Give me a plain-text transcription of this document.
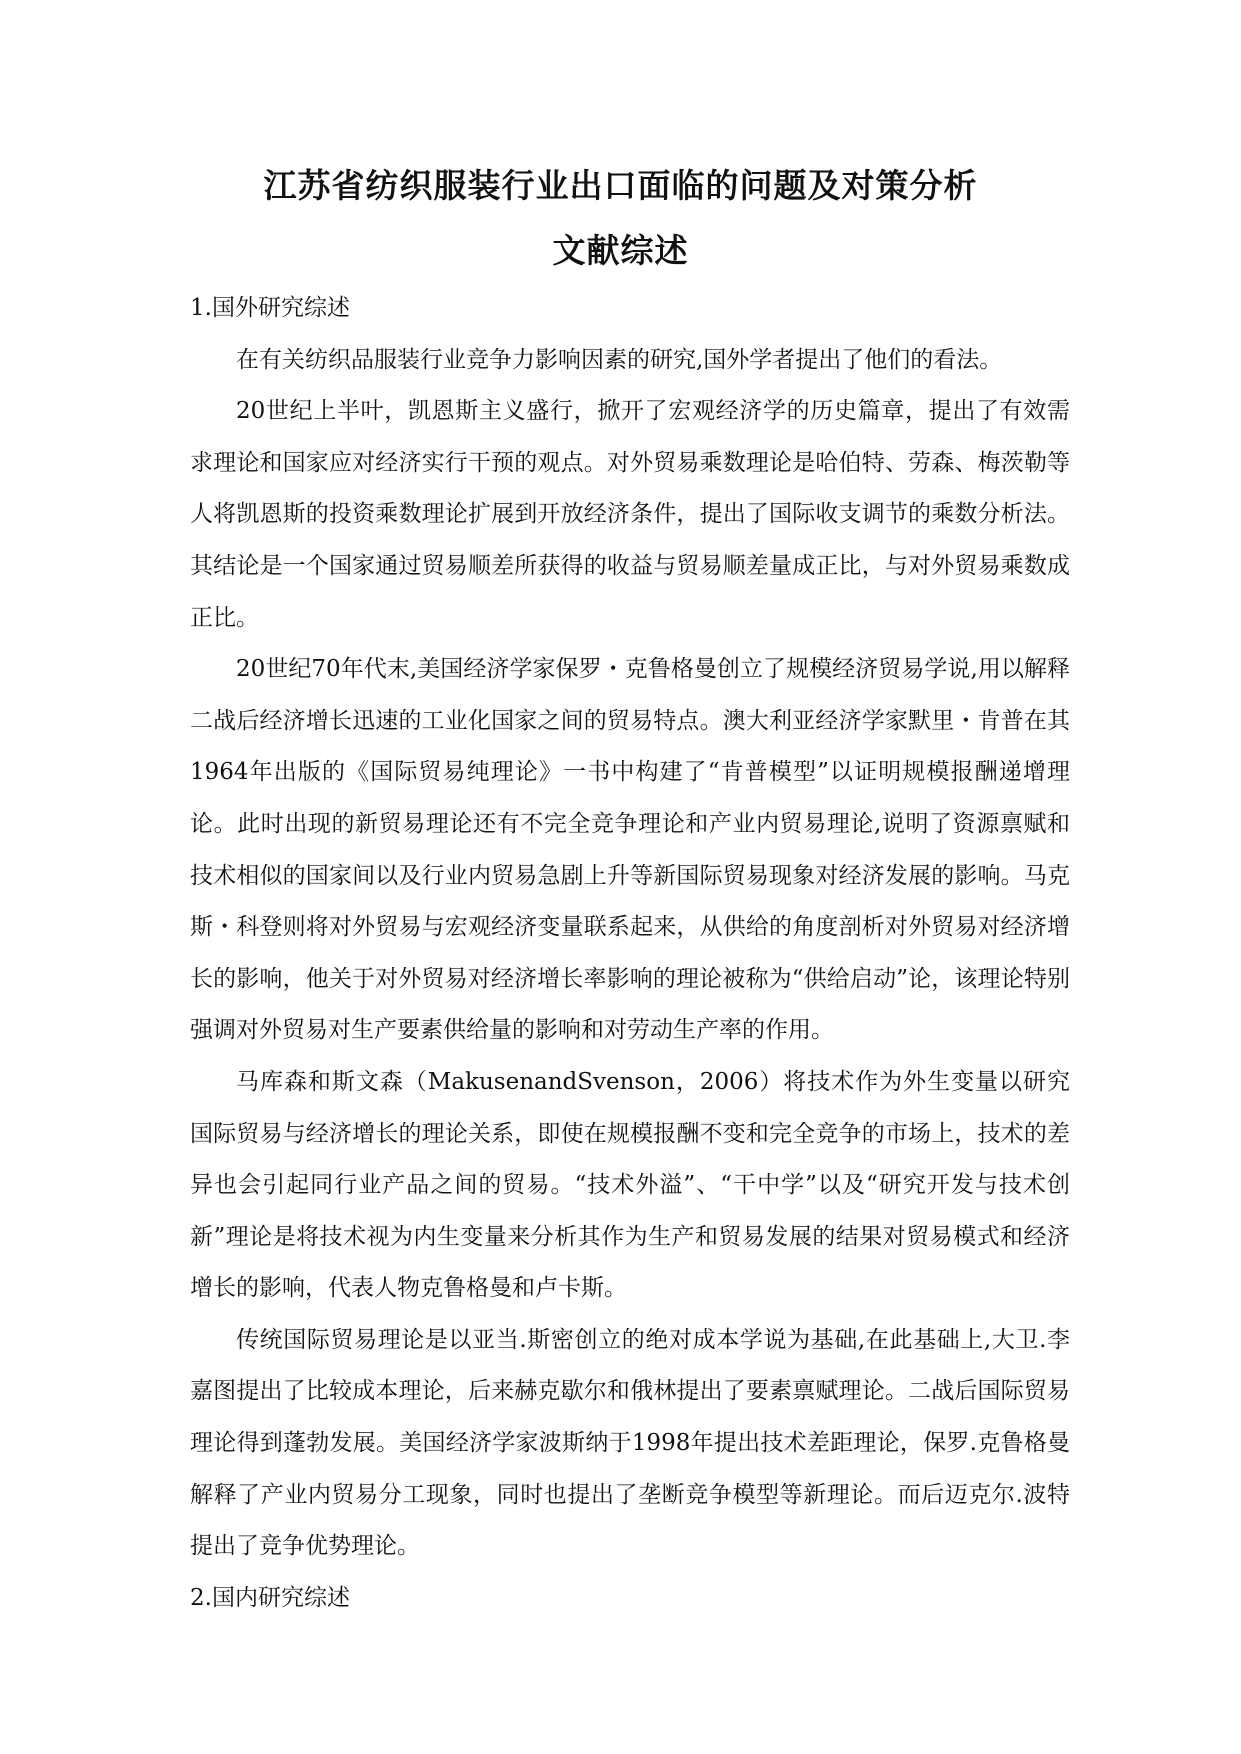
江苏省纺织服装行业出口面临的问题及对策分析
文献综述

1.国外研究综述

在有关纺织品服装行业竞争力影响因素的研究,国外学者提出了他们的看法。

20世纪上半叶，凯恩斯主义盛行，掀开了宏观经济学的历史篇章，提出了有效需求理论和国家应对经济实行干预的观点。对外贸易乘数理论是哈伯特、劳森、梅茨勒等人将凯恩斯的投资乘数理论扩展到开放经济条件，提出了国际收支调节的乘数分析法。其结论是一个国家通过贸易顺差所获得的收益与贸易顺差量成正比，与对外贸易乘数成正比。

20世纪70年代末,美国经济学家保罗・克鲁格曼创立了规模经济贸易学说,用以解释二战后经济增长迅速的工业化国家之间的贸易特点。澳大利亚经济学家默里・肯普在其1964年出版的《国际贸易纯理论》一书中构建了“肯普模型”以证明规模报酬递增理论。此时出现的新贸易理论还有不完全竞争理论和产业内贸易理论,说明了资源禀赋和技术相似的国家间以及行业内贸易急剧上升等新国际贸易现象对经济发展的影响。马克斯・科登则将对外贸易与宏观经济变量联系起来，从供给的角度剖析对外贸易对经济增长的影响，他关于对外贸易对经济增长率影响的理论被称为“供给启动”论，该理论特别强调对外贸易对生产要素供给量的影响和对劳动生产率的作用。

马库森和斯文森（MakusenandSvenson，2006）将技术作为外生变量以研究国际贸易与经济增长的理论关系，即使在规模报酬不变和完全竞争的市场上，技术的差异也会引起同行业产品之间的贸易。“技术外溢”、“干中学”以及“研究开发与技术创新”理论是将技术视为内生变量来分析其作为生产和贸易发展的结果对贸易模式和经济增长的影响，代表人物克鲁格曼和卢卡斯。

传统国际贸易理论是以亚当.斯密创立的绝对成本学说为基础,在此基础上,大卫.李嘉图提出了比较成本理论，后来赫克歇尔和俄林提出了要素禀赋理论。二战后国际贸易理论得到蓬勃发展。美国经济学家波斯纳于1998年提出技术差距理论，保罗.克鲁格曼解释了产业内贸易分工现象，同时也提出了垄断竞争模型等新理论。而后迈克尔.波特提出了竞争优势理论。

2.国内研究综述
